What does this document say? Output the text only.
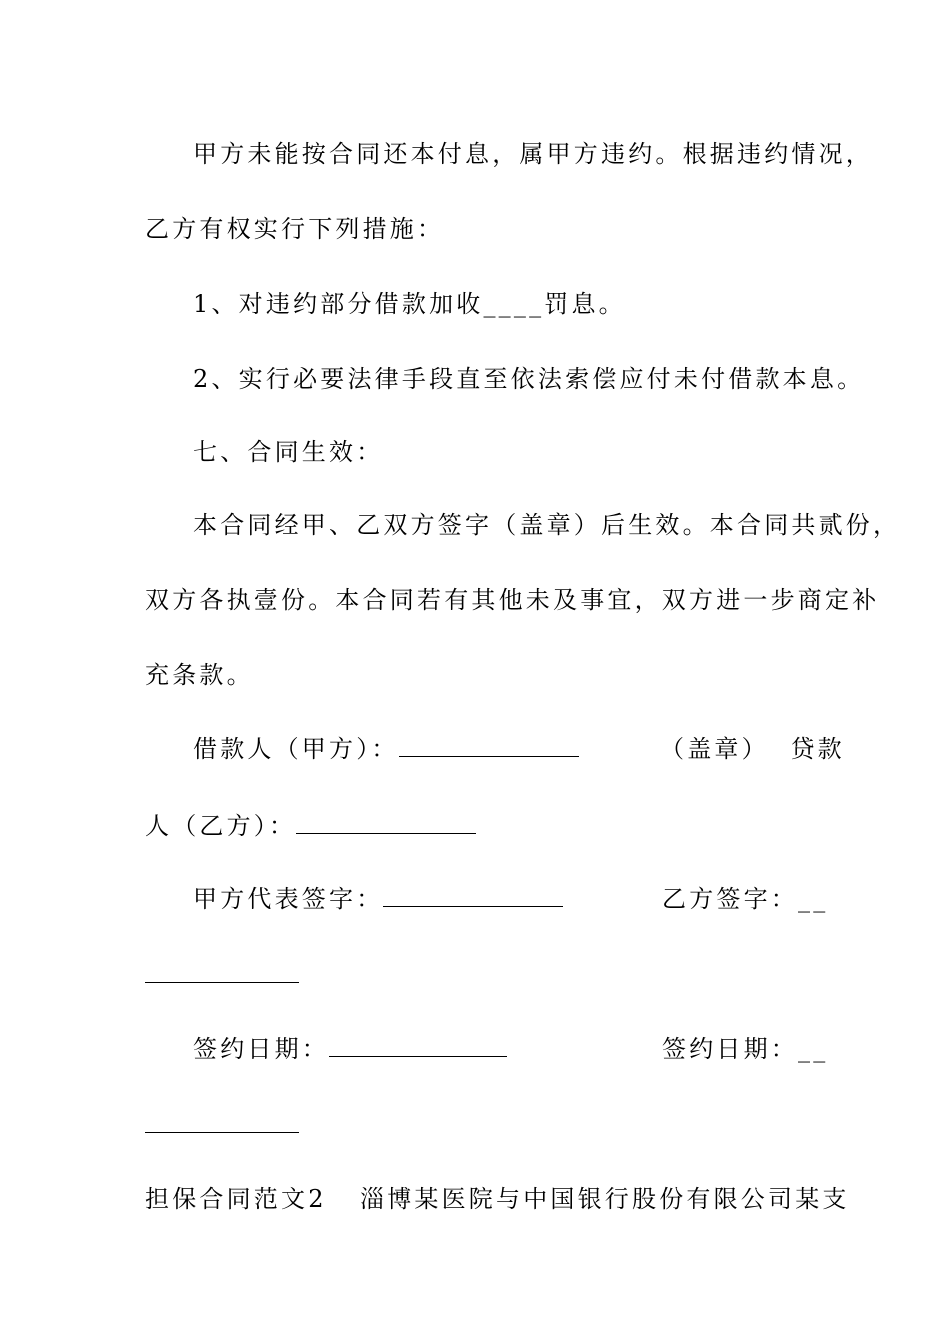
甲方未能按合同还本付息，属甲方违约。根据违约情况，
乙方有权实行下列措施：
1、对违约部分借款加收____罚息。
2、实行必要法律手段直至依法索偿应付未付借款本息。
七、合同生效：
本合同经甲、乙双方签字（盖章）后生效。本合同共贰份，
双方各执壹份。本合同若有其他未及事宜，双方进一步商定补
充条款。
借款人（甲方）：	（盖章）  贷款
人（乙方）：
甲方代表签字：	乙方签字：__
签约日期：	签约日期：__
担保合同范文2 淄博某医院与中国银行股份有限公司某支
